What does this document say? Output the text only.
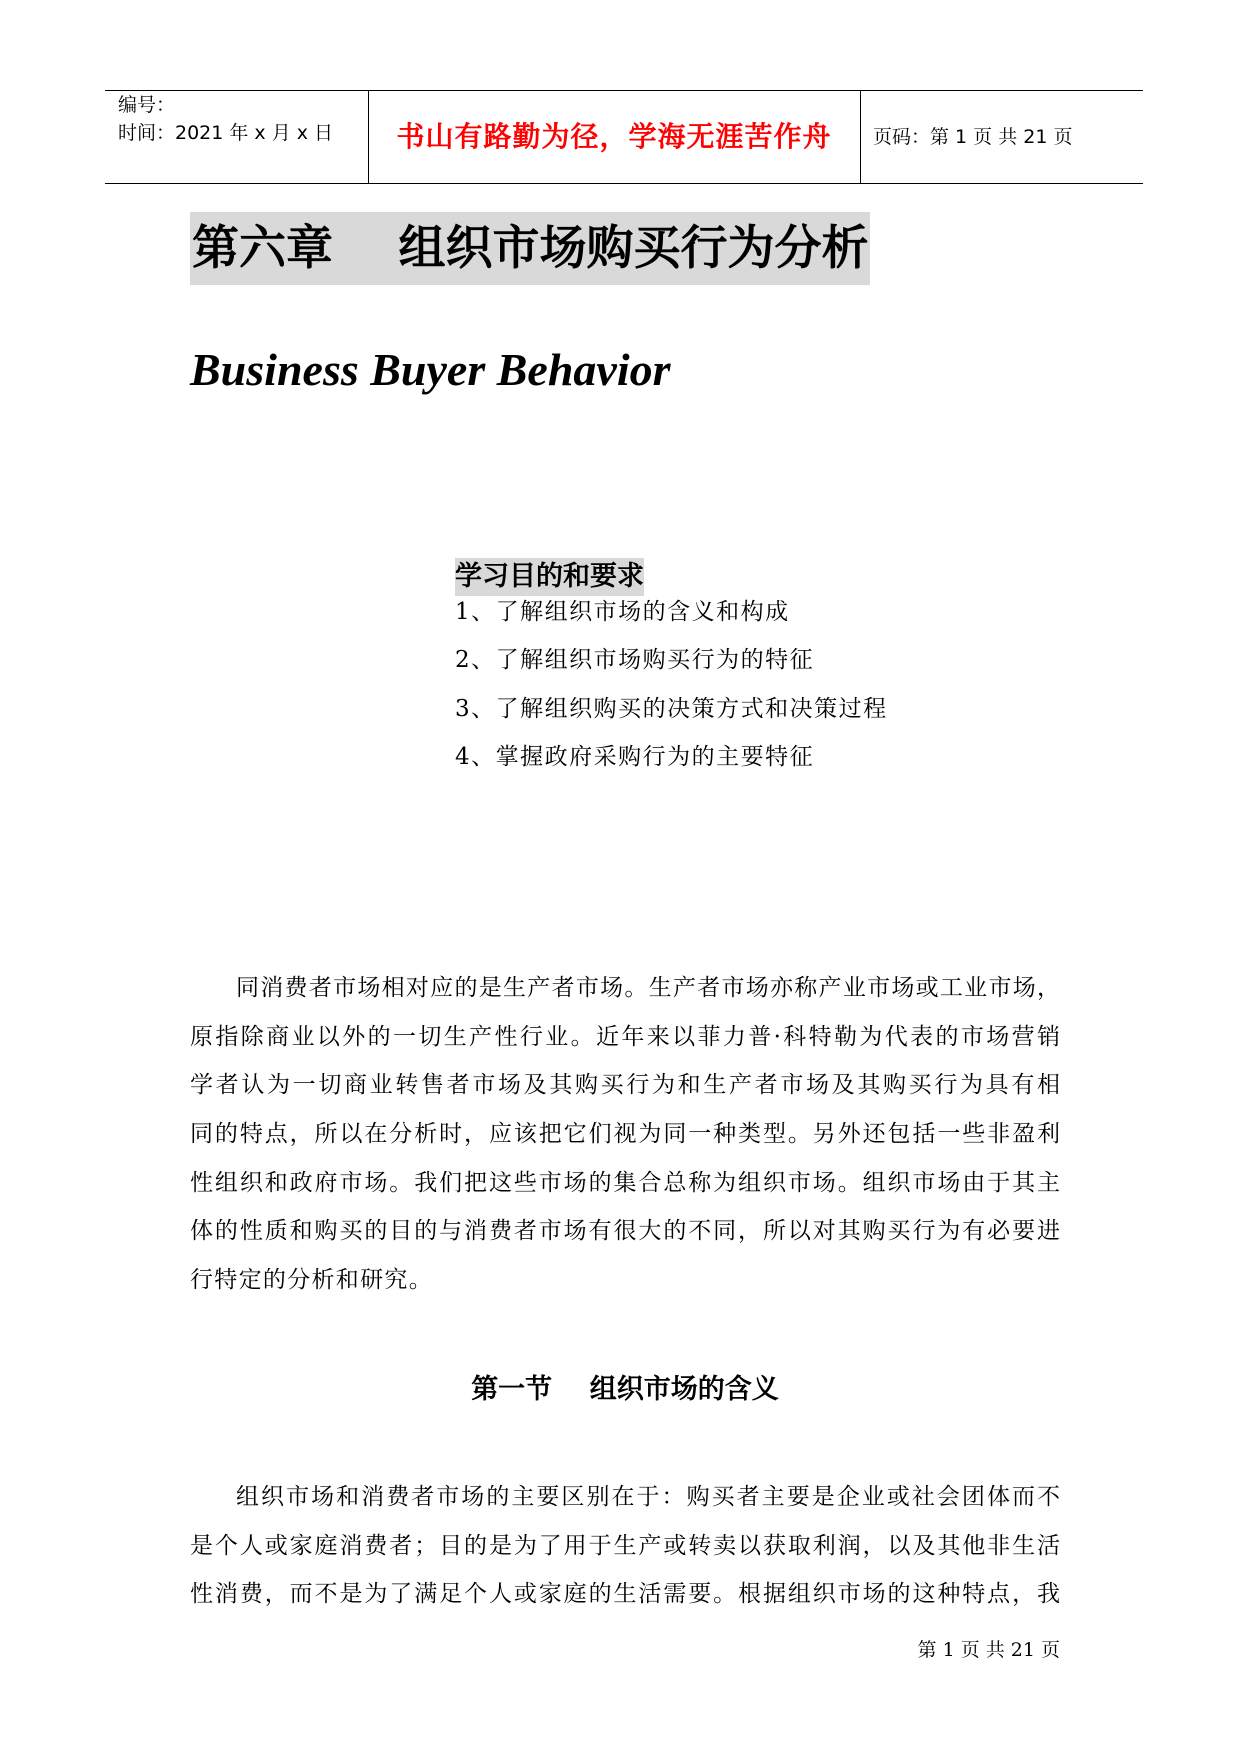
编号：
时间：2021 年 x 月 x 日	书山有路勤为径，学海无涯苦作舟	页码：第 1 页 共 21 页
第六章    组织市场购买行为分析
Business Buyer Behavior
学习目的和要求
1、了解组织市场的含义和构成
2、了解组织市场购买行为的特征
3、了解组织购买的决策方式和决策过程
4、掌握政府采购行为的主要特征
同消费者市场相对应的是生产者市场。生产者市场亦称产业市场或工业市场，
原指除商业以外的一切生产性行业。近年来以菲力普·科特勒为代表的市场营销
学者认为一切商业转售者市场及其购买行为和生产者市场及其购买行为具有相
同的特点，所以在分析时，应该把它们视为同一种类型。另外还包括一些非盈利
性组织和政府市场。我们把这些市场的集合总称为组织市场。组织市场由于其主
体的性质和购买的目的与消费者市场有很大的不同，所以对其购买行为有必要进
行特定的分析和研究。
第一节    组织市场的含义
组织市场和消费者市场的主要区别在于：购买者主要是企业或社会团体而不
是个人或家庭消费者；目的是为了用于生产或转卖以获取利润，以及其他非生活
性消费，而不是为了满足个人或家庭的生活需要。根据组织市场的这种特点，我
第 1 页 共 21 页
